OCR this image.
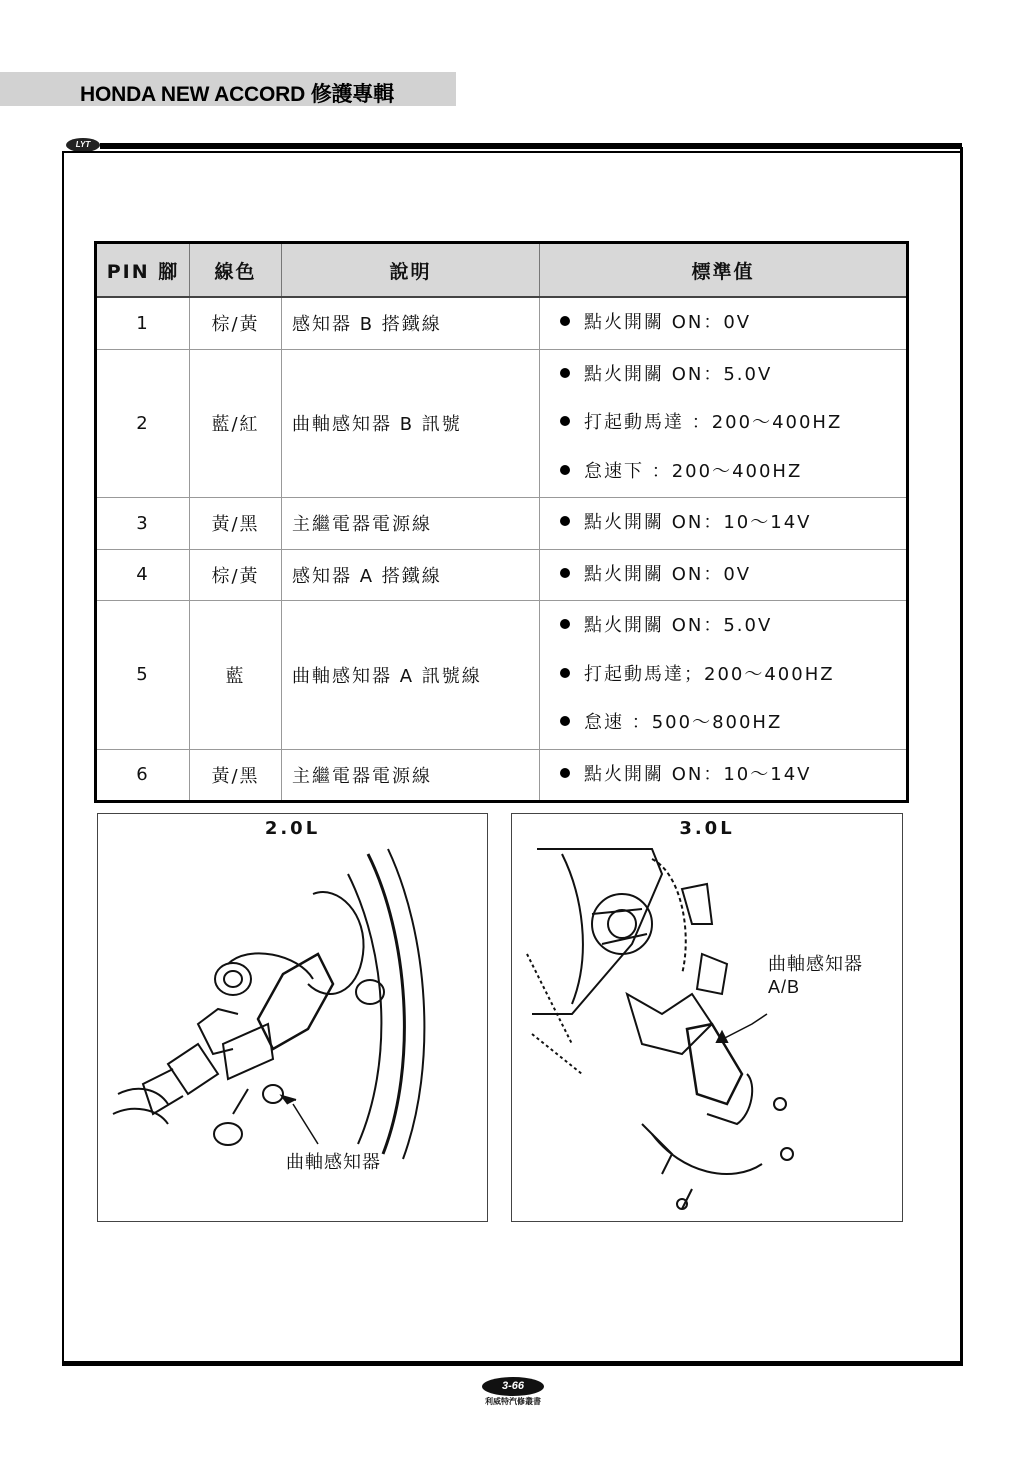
HONDA NEW ACCORD 修護專輯
LYT
PIN 腳	線色	說明	標準值
1	棕/黃	感知器 B 搭鐵線	點火開關 ON：0V

2	藍/紅	曲軸感知器 B 訊號	點火開關 ON：5.0V
打起動馬達 ：200～400HZ
怠速下 ：200～400HZ

3	黃/黑	主繼電器電源線	點火開關 ON：10～14V

4	棕/黃	感知器 A 搭鐵線	點火開關 ON：0V

5	藍	曲軸感知器 A 訊號線	點火開關 ON：5.0V
打起動馬達；200～400HZ
怠速 ：500～800HZ

6	黃/黑	主繼電器電源線	點火開關 ON：10～14V
2.0L
曲軸感知器
3.0L
曲軸感知器
A/B
3-66
利威特汽修叢書
